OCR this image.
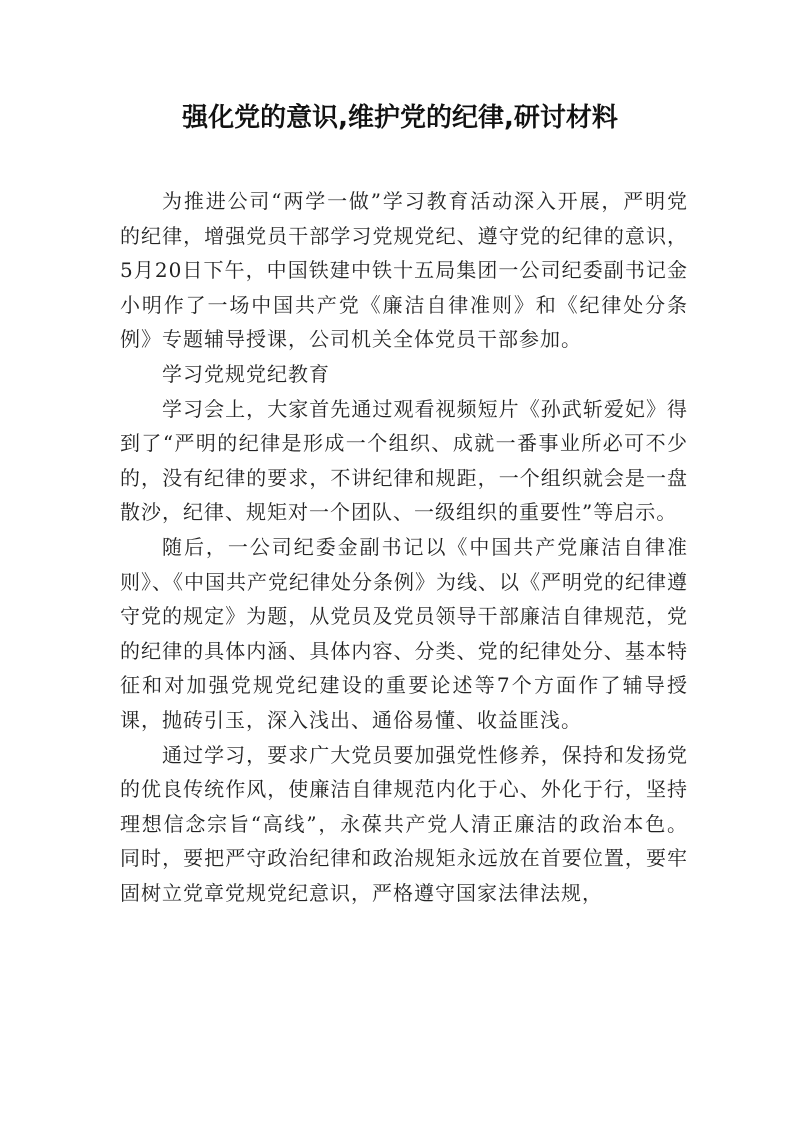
强化党的意识,维护党的纪律,研讨材料

为推进公司“两学一做”学习教育活动深入开展，严明党的纪律，增强党员干部学习党规党纪、遵守党的纪律的意识，5月20日下午，中国铁建中铁十五局集团一公司纪委副书记金小明作了一场中国共产党《廉洁自律准则》和《纪律处分条例》专题辅导授课，公司机关全体党员干部参加。

学习党规党纪教育

学习会上，大家首先通过观看视频短片《孙武斩爱妃》得到了“严明的纪律是形成一个组织、成就一番事业所必可不少的，没有纪律的要求，不讲纪律和规距，一个组织就会是一盘散沙，纪律、规矩对一个团队、一级组织的重要性”等启示。

随后，一公司纪委金副书记以《中国共产党廉洁自律准则》、《中国共产党纪律处分条例》为线、以《严明党的纪律遵守党的规定》为题，从党员及党员领导干部廉洁自律规范，党的纪律的具体内涵、具体内容、分类、党的纪律处分、基本特征和对加强党规党纪建设的重要论述等7个方面作了辅导授课，抛砖引玉，深入浅出、通俗易懂、收益匪浅。

通过学习，要求广大党员要加强党性修养，保持和发扬党的优良传统作风，使廉洁自律规范内化于心、外化于行，坚持理想信念宗旨“高线”，永葆共产党人清正廉洁的政治本色。同时，要把严守政治纪律和政治规矩永远放在首要位置，要牢固树立党章党规党纪意识，严格遵守国家法律法规，
